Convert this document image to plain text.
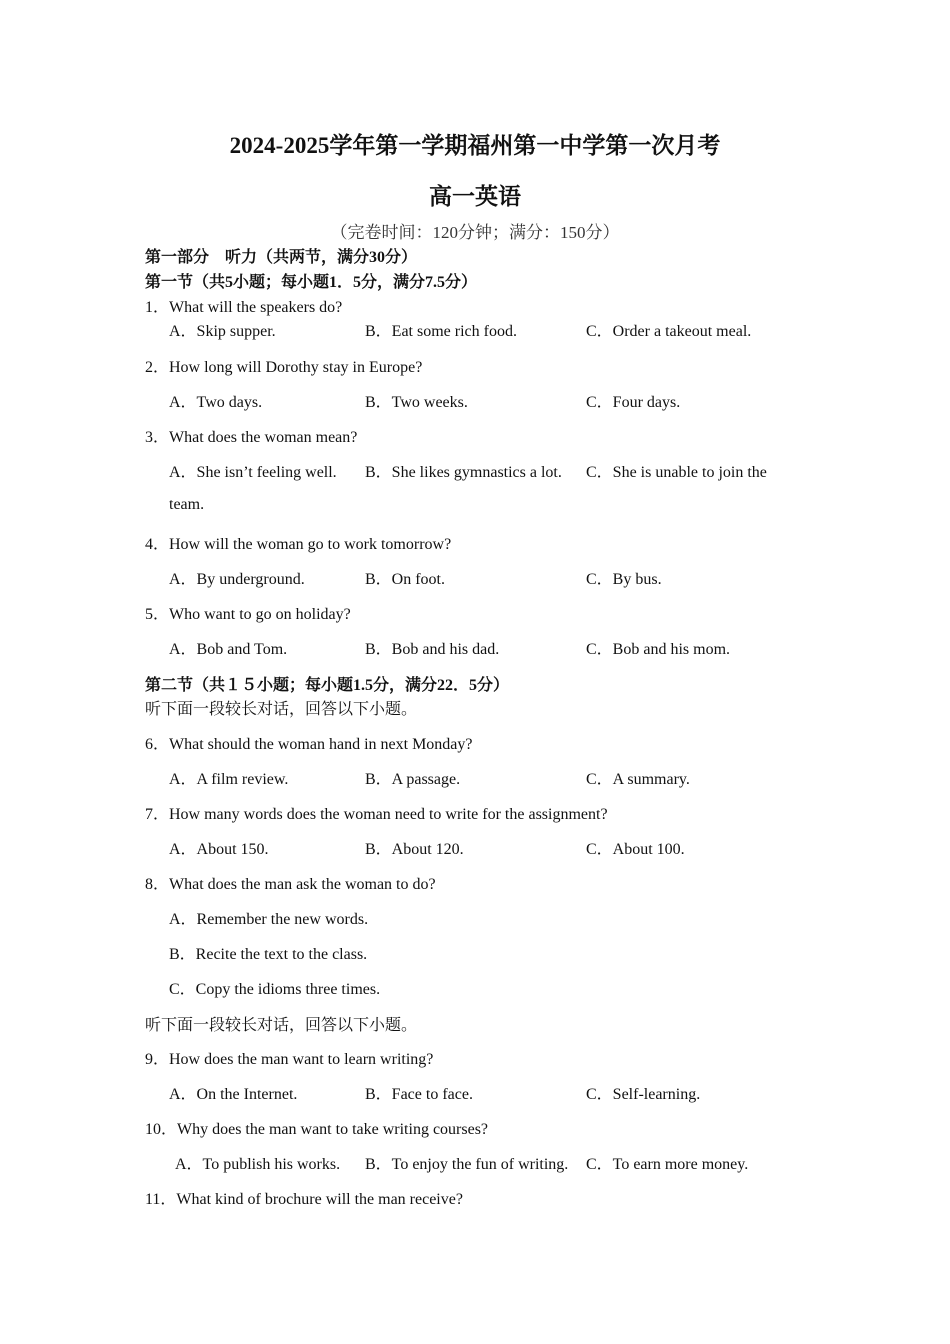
2024-2025学年第一学期福州第一中学第一次月考
高一英语
（完卷时间：120分钟；满分：150分）
第一部分　听力（共两节，满分30分）
第一节（共5小题；每小题1．5分，满分7.5分）
1．What will the speakers do?
A．Skip supper.	B．Eat some rich food.	C．Order a takeout meal.
2．How long will Dorothy stay in Europe?
A．Two days.	B．Two weeks.	C．Four days.
3．What does the woman mean?
A．She isn’t feeling well. B．She likes gymnastics a lot. C．She is unable to join the
team.
4．How will the woman go to work tomorrow?
A．By underground.	B．On foot.	C．By bus.
5．Who want to go on holiday?
A．Bob and Tom.	B．Bob and his dad.	C．Bob and his mom.
第二节（共１５小题；每小题1.5分，满分22．5分）
听下面一段较长对话，回答以下小题。
6．What should the woman hand in next Monday?
A．A film review.	B．A passage.	C．A summary.
7．How many words does the woman need to write for the assignment?
A．About 150.	B．About 120.	C．About 100.
8．What does the man ask the woman to do?
A．Remember the new words.
B．Recite the text to the class.
C．Copy the idioms three times.
听下面一段较长对话，回答以下小题。
9．How does the man want to learn writing?
A．On the Internet.	B．Face to face.	C．Self-learning.
10．Why does the man want to take writing courses?
A．To publish his works. B．To enjoy the fun of writing. C．To earn more money.
11．What kind of brochure will the man receive?
